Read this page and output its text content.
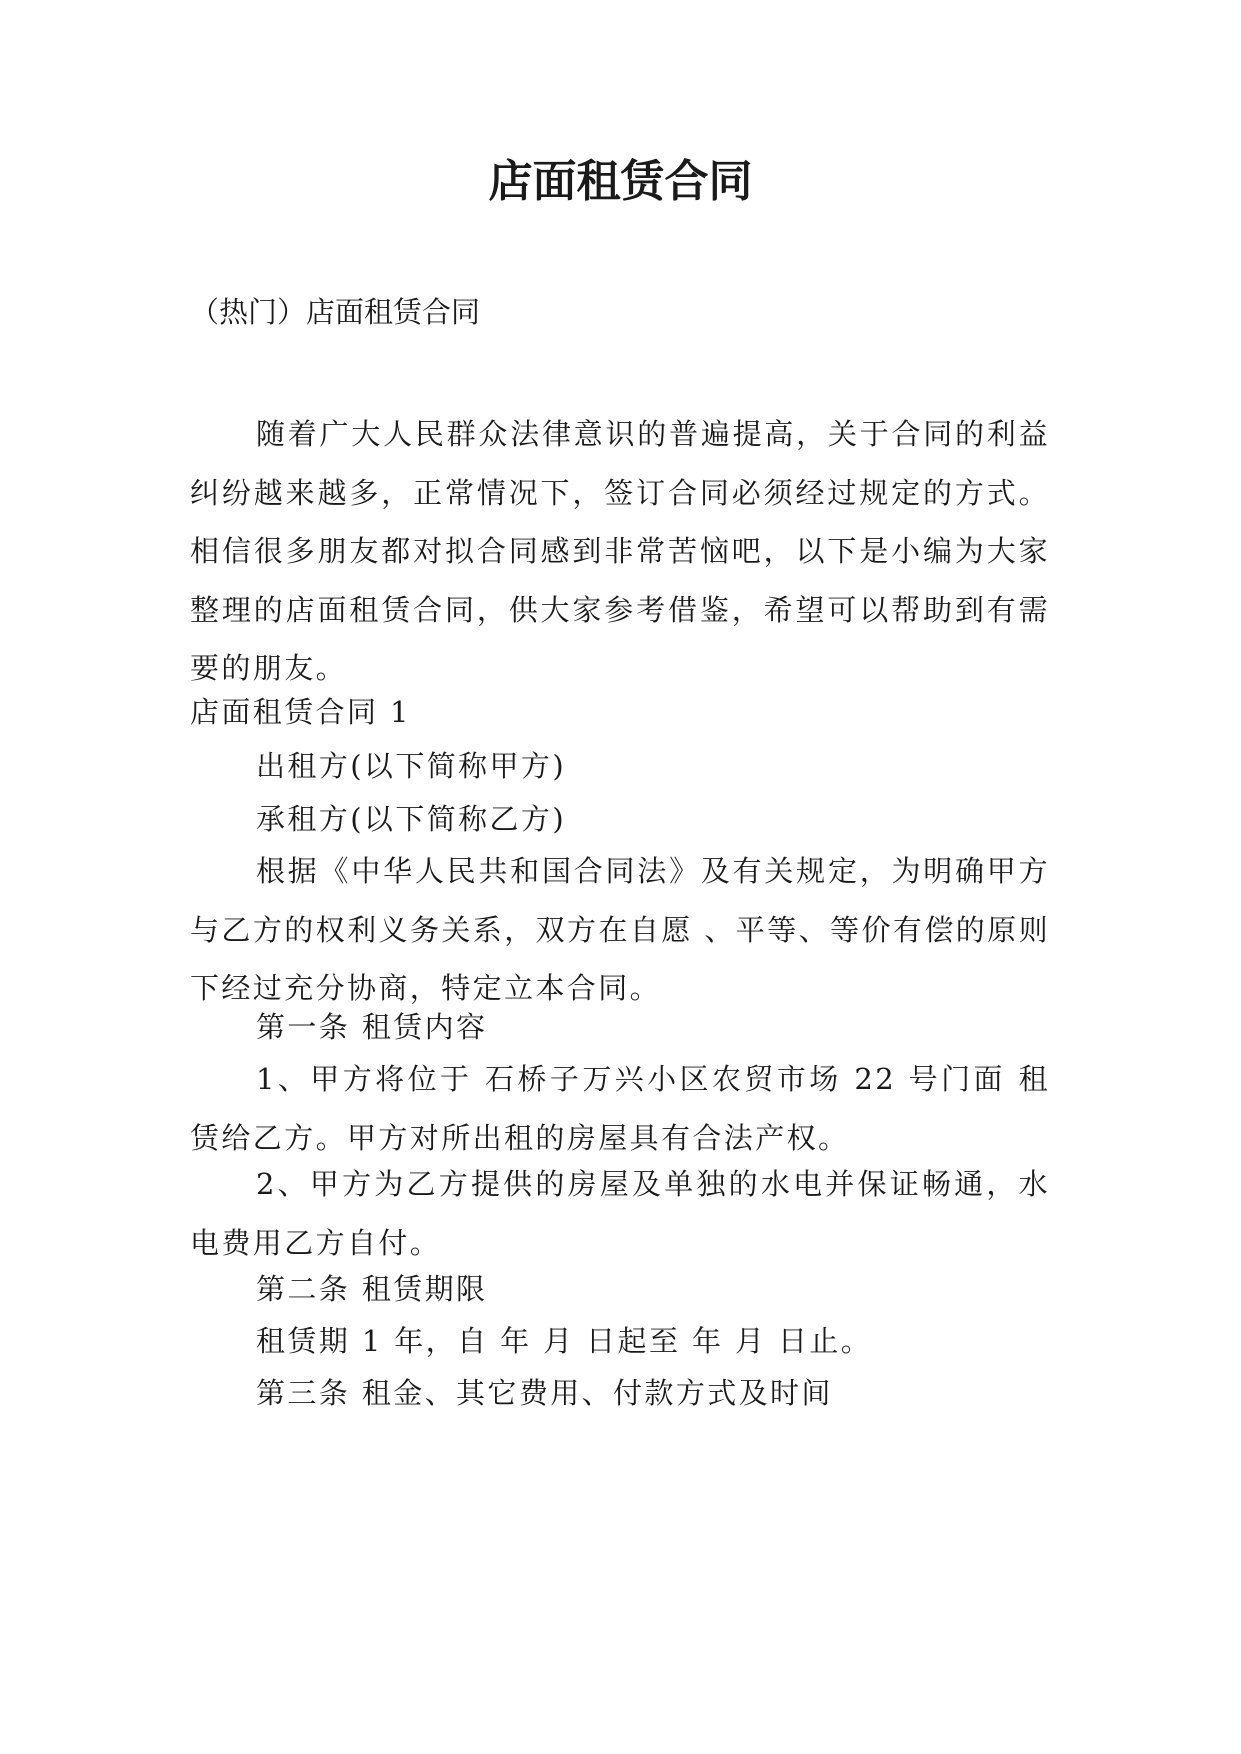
店面租赁合同

（热门）店面租赁合同

随着广大人民群众法律意识的普遍提高，关于合同的利益纠纷越来越多，正常情况下，签订合同必须经过规定的方式。相信很多朋友都对拟合同感到非常苦恼吧，以下是小编为大家整理的店面租赁合同，供大家参考借鉴，希望可以帮助到有需要的朋友。

店面租赁合同 1

出租方(以下简称甲方)

承租方(以下简称乙方)

根据《中华人民共和国合同法》及有关规定，为明确甲方与乙方的权利义务关系，双方在自愿 、平等、等价有偿的原则下经过充分协商，特定立本合同。

第一条 租赁内容

1、甲方将位于 石桥子万兴小区农贸市场 22 号门面 租赁给乙方。甲方对所出租的房屋具有合法产权。

2、甲方为乙方提供的房屋及单独的水电并保证畅通，水电费用乙方自付。

第二条 租赁期限

租赁期 1 年，自 年 月 日起至 年 月 日止。

第三条 租金、其它费用、付款方式及时间
